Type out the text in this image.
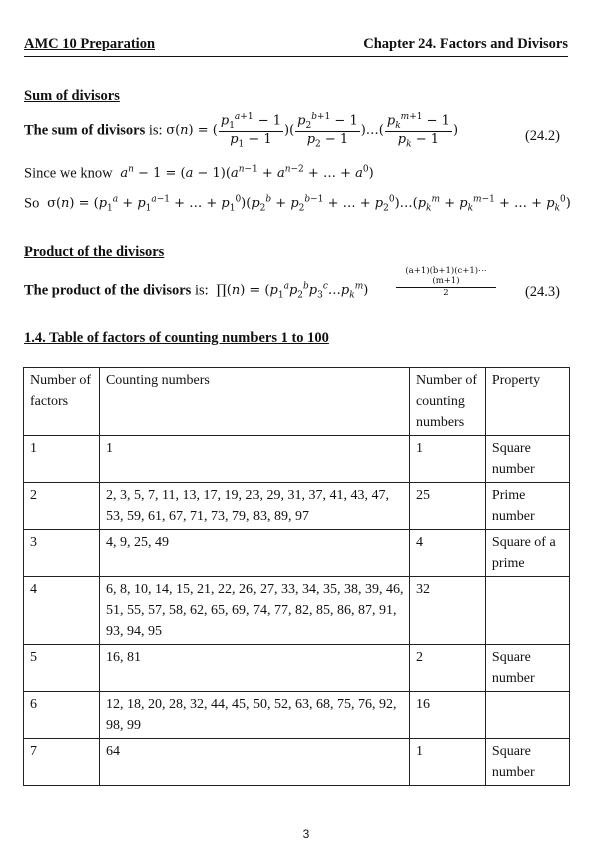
AMC 10 Preparation	Chapter 24. Factors and Divisors
Sum of divisors
The sum of divisors is: σ(n) = ( $\frac{p_1^{a+1} - 1}{p_1 - 1}$ )( $\frac{p_2^{b+1} - 1}{p_2 - 1}$ )…( $\frac{p_k^{m+1} - 1}{p_k - 1}$ )	(24.2)
Since we know $a^n - 1 = (a - 1)(a^{n-1} + a^{n-2}$ + … + $a^0$)
So  $\sigma(n) = (p_1^a + p_1^{a-1}$ + … + $p_1^0)(p_2^b + p_2^{b-1}$ + … + $p_2^0)\dots(p_k^m + p_k^{m-1}$ + … + $p_k^0$)
Product of the divisors
The product of the divisors is:  ∏(n) = $(p_1^ap_2^bp_3^c\dots p_k^m)$	$\frac{(a+1)(b+1)(c+1)\cdots(m+1)}{2} (24.3)$
1.4. Table of factors of counting numbers 1 to 100
Number of factors	Counting numbers	Number of counting numbers	Property
1	1	1	Square number
2	2, 3, 5, 7, 11, 13, 17, 19, 23, 29, 31, 37, 41, 43, 47, 53, 59, 61, 67, 71, 73, 79, 83, 89, 97	25	Prime number
3	4, 9, 25, 49	4	Square of a prime
4	6, 8, 10, 14, 15, 21, 22, 26, 27, 33, 34, 35, 38, 39, 46, 51, 55, 57, 58, 62, 65, 69, 74, 77, 82, 85, 86, 87, 91, 93, 94, 95	32	
5	16, 81	2	Square number
6	12, 18, 20, 28, 32, 44, 45, 50, 52, 63, 68, 75, 76, 92, 98, 99	16	
7	64	1	Square number
3
